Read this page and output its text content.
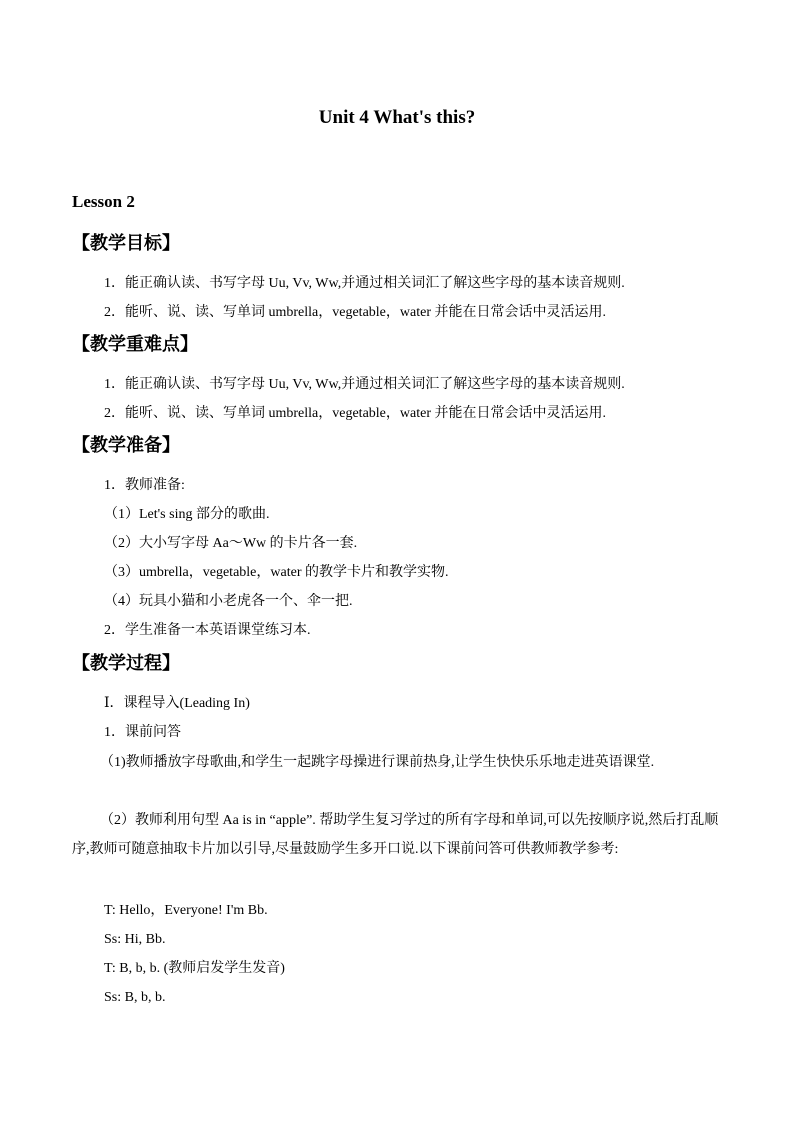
Unit 4 What's this?
Lesson 2
【教学目标】
1．能正确认读、书写字母 Uu, Vv, Ww,并通过相关词汇了解这些字母的基本读音规则.
2．能听、说、读、写单词 umbrella，vegetable，water 并能在日常会话中灵活运用.
【教学重难点】
1．能正确认读、书写字母 Uu, Vv, Ww,并通过相关词汇了解这些字母的基本读音规则.
2．能听、说、读、写单词 umbrella，vegetable，water 并能在日常会话中灵活运用.
【教学准备】
1．教师准备:
（1）Let's sing 部分的歌曲.
（2）大小写字母 Aa～Ww 的卡片各一套.
（3）umbrella，vegetable，water 的教学卡片和教学实物.
（4）玩具小猫和小老虎各一个、伞一把.
2．学生准备一本英语课堂练习本.
【教学过程】
Ⅰ．课程导入(Leading In)
1．课前问答
（1)教师播放字母歌曲,和学生一起跳字母操进行课前热身,让学生快快乐乐地走进英语课堂.
（2）教师利用句型 Aa is in “apple”. 帮助学生复习学过的所有字母和单词,可以先按顺序说,然后打乱顺序,教师可随意抽取卡片加以引导,尽量鼓励学生多开口说.以下课前问答可供教师教学参考:
T: Hello，Everyone! I'm Bb.
Ss: Hi, Bb.
T: B, b, b. (教师启发学生发音)
Ss: B, b, b.
